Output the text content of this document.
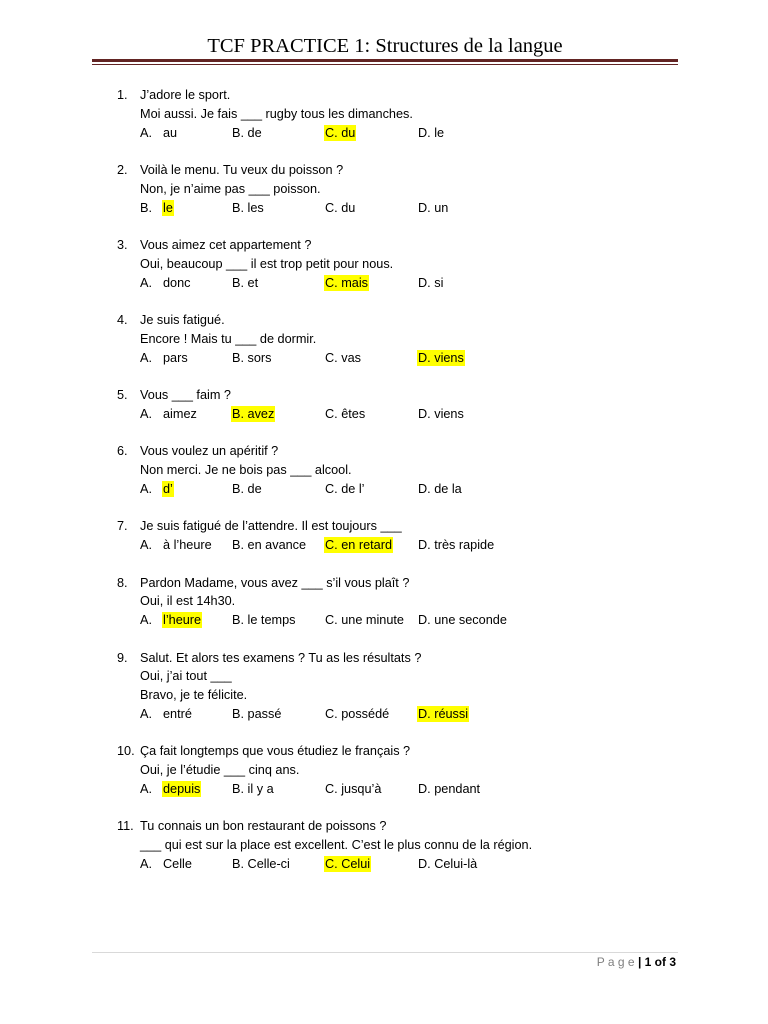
TCF PRACTICE 1: Structures de la langue
1. J’adore le sport.
Moi aussi. Je fais ___ rugby tous les dimanches.
A. au	B. de	C. du	D. le
2. Voilà le menu. Tu veux du poisson ?
Non, je n’aime pas ___ poisson.
B. le	B. les	C. du	D. un
3. Vous aimez cet appartement ?
Oui, beaucoup ___ il est trop petit pour nous.
A. donc	B. et	C. mais	D. si
4. Je suis fatigué.
Encore ! Mais tu ___ de dormir.
A. pars	B. sors	C. vas	D. viens
5. Vous ___ faim ?
A. aimez	B. avez	C. êtes	D. viens
6. Vous voulez un apéritif ?
Non merci. Je ne bois pas ___ alcool.
A. d’	B. de	C. de l’	D. de la
7. Je suis fatigué de l’attendre. Il est toujours ___
A. à l’heure B. en avance C. en retard D. très rapide
8. Pardon Madame, vous avez ___ s’il vous plaît ?
Oui, il est 14h30.
A. l’heure B. le temps C. une minute D. une seconde
9. Salut. Et alors tes examens ? Tu as les résultats ?
Oui, j’ai tout ___
Bravo, je te félicite.
A. entré	B. passé	C. possédé D. réussi
10. Ça fait longtemps que vous étudiez le français ?
Oui, je l’étudie ___ cinq ans.
A. depuis B. il y a	C. jusqu’à	D. pendant
11. Tu connais un bon restaurant de poissons ?
___ qui est sur la place est excellent. C’est le plus connu de la région.
A. Celle	B. Celle-ci	C. Celui	D. Celui-là
P a g e | 1 of 3
